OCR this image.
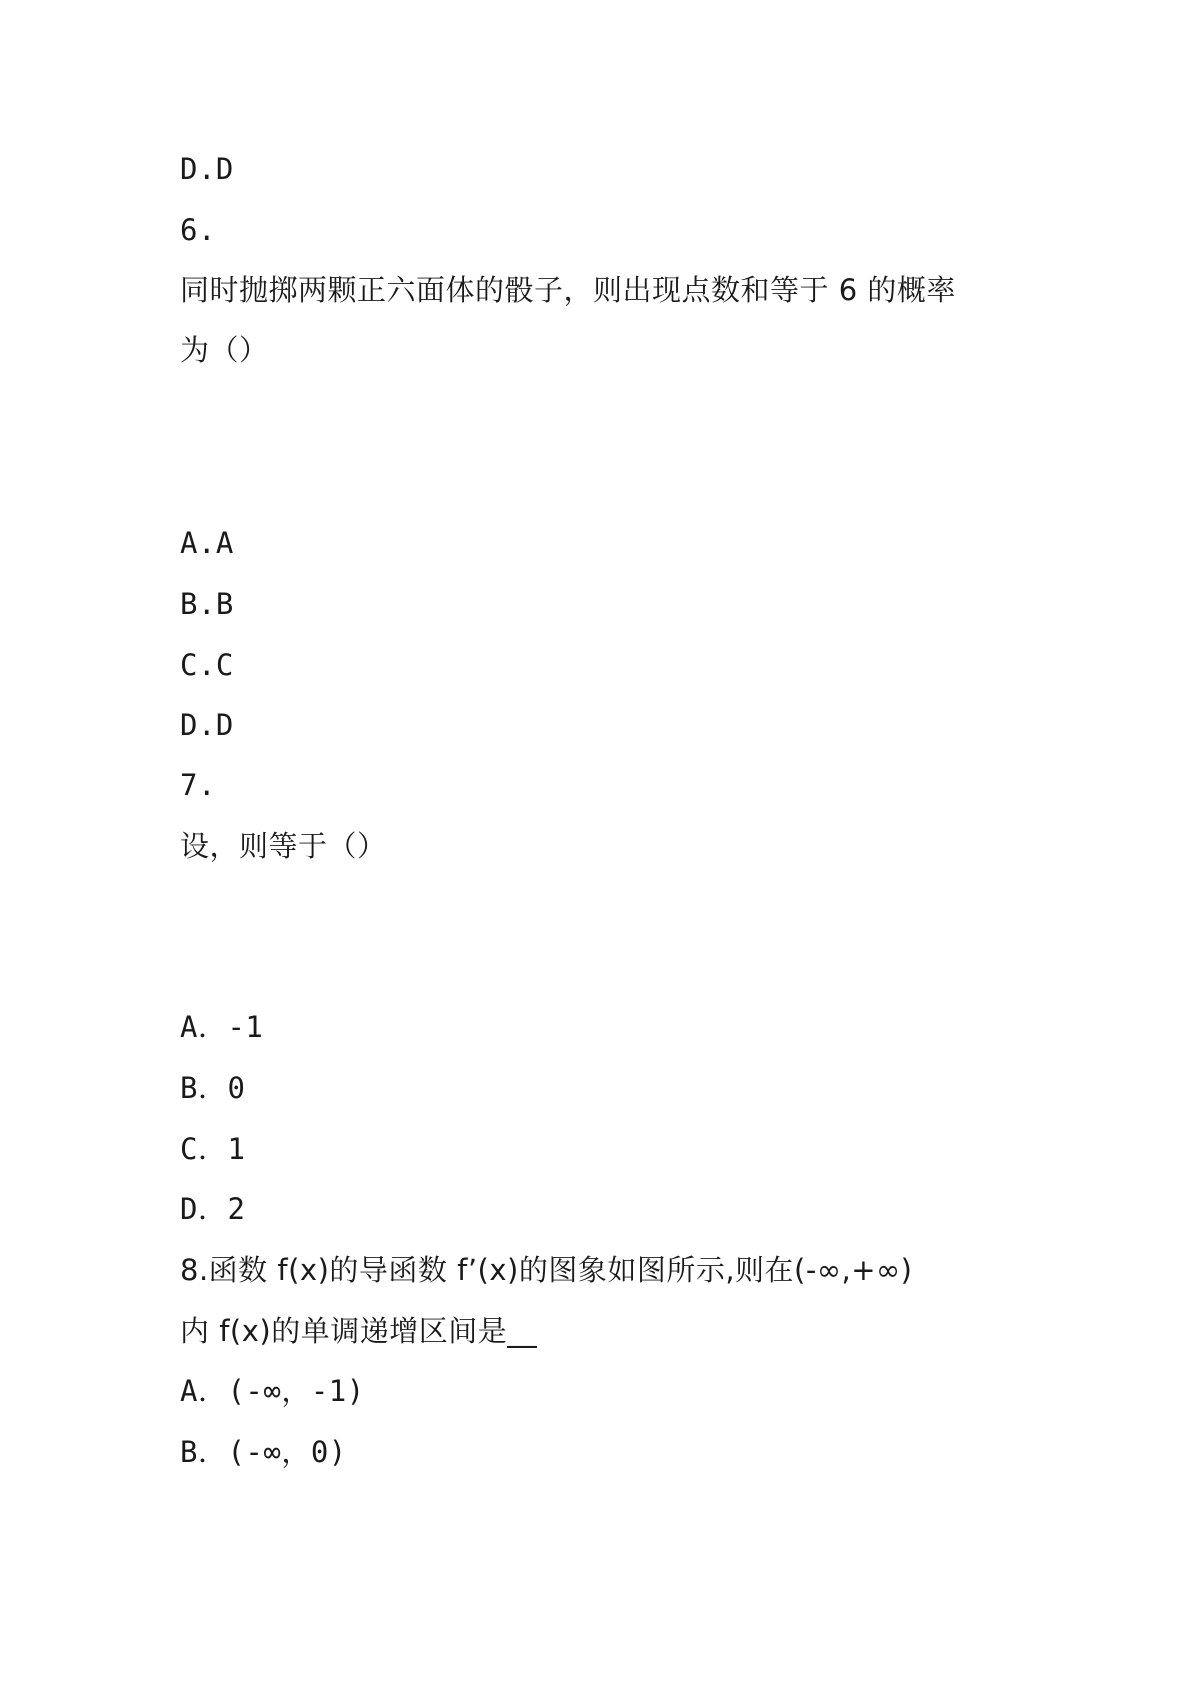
D.D
6.
同时抛掷两颗正六面体的骰子，则出现点数和等于 6 的概率
为（）
A.A
B.B
C.C
D.D
7.
设，则等于（）
A．-1
B．0
C．1
D．2
8.函数 f(x)的导函数 f’(x)的图象如图所示,则在(-∞,+∞)
内 f(x)的单调递增区间是__
A．(-∞，-1)
B．(-∞，0)
